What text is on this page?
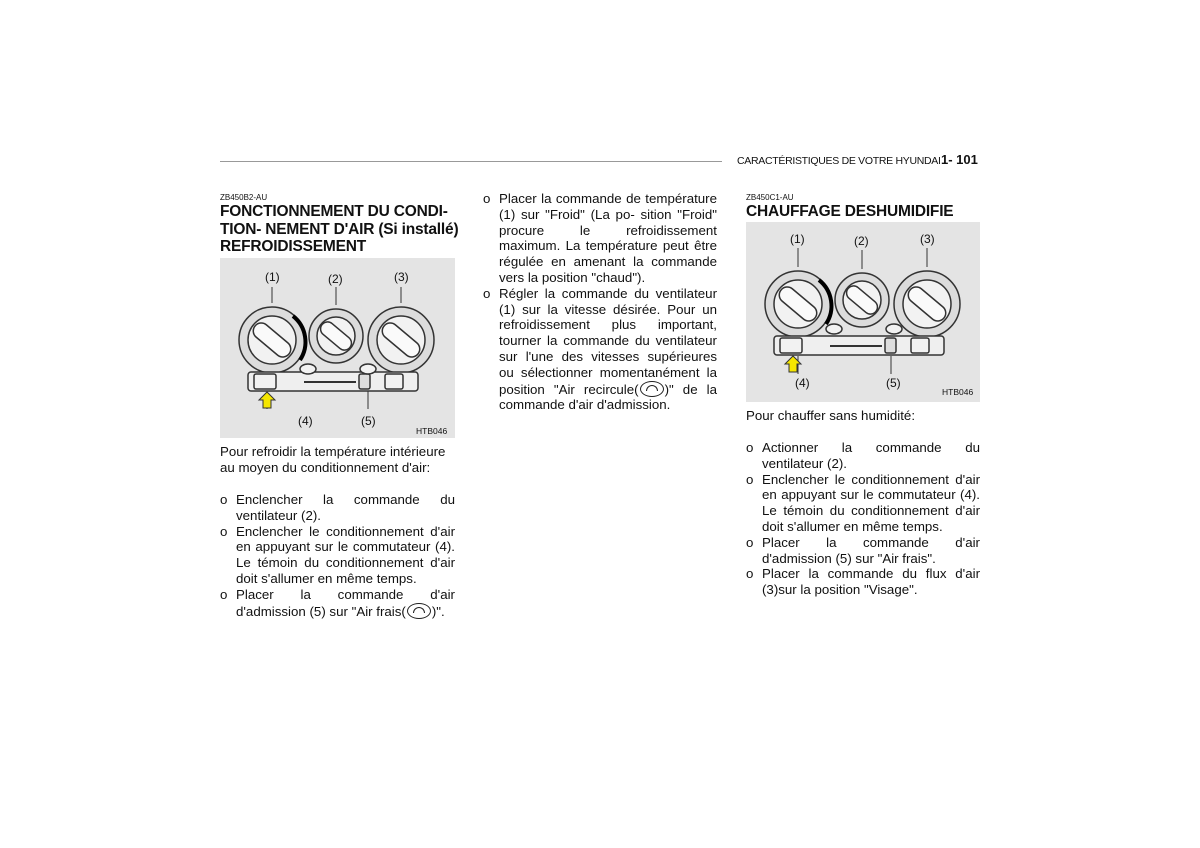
CARACTÉRISTIQUES DE VOTRE HYUNDAI 1- 101
ZB450B2-AU
FONCTIONNEMENT DU CONDI-
TION- NEMENT D'AIR (Si installé)
REFROIDISSEMENT
(1)	(2)	(3)
(4)	(5)
HTB046
Pour refroidir la température intérieure au moyen du conditionnement d'air:
o Enclencher la commande du ventilateur (2).
o Enclencher le conditionnement d'air en appuyant sur le commutateur (4). Le témoin du conditionnement d'air doit s'allumer en même temps.
o Placer la commande d'air d'admission (5) sur "Air frais( )".
o Placer la commande de température (1) sur "Froid" (La po- sition "Froid" procure le refroidissement maximum. La température peut être régulée en amenant la commande vers la position "chaud").
o Régler la commande du ventilateur (1) sur la vitesse désirée. Pour un refroidissement plus important, tourner la commande du ventilateur sur l'une des vitesses supérieures ou sélectionner momentanément la position "Air recircule( )" de la commande d'air d'admission.
ZB450C1-AU
CHAUFFAGE DESHUMIDIFIE
(1)	(2)	(3)
(4)	(5)
HTB046
Pour chauffer sans humidité:
o Actionner la commande du ventilateur (2).
o Enclencher le conditionnement d'air en appuyant sur le commutateur (4). Le témoin du conditionnement d'air doit s'allumer en même temps.
o Placer la commande d'air d'admission (5) sur "Air frais".
o Placer la commande du flux d'air (3)sur la position "Visage".
